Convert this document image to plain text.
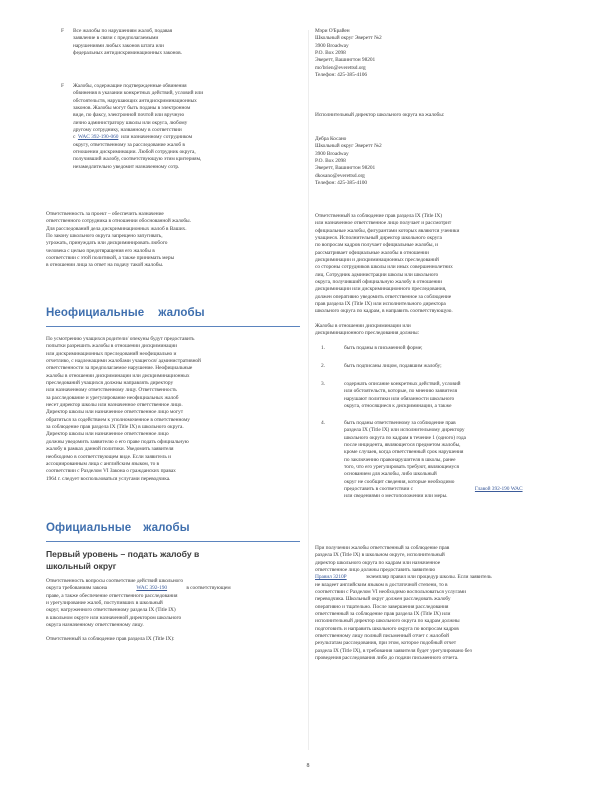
F Все жалобы по нарушениям жалоб, подавая

заявление в связи с предполагаемыми

нарушениями любых законов штата или

федеральных антидискриминационных законов.

F Жалобы, содержащие подтвержденные обвинения

обвинения в указании конкретных действий, условий или

обстоятельств, нарушающих антидискриминационных

законов. Жалобы могут быть поданы в электронном

виде, по факсу, электронной почтой или вручную

лично администратору школы или округа, любому

другому сотруднику, названному в соответствии

с WAC 392-190-060 или назначенному сотрудником

округу, ответственному за расследование жалоб в

отношении дискриминации. Любой сотрудник округа,

получивший жалобу, соответствующую этим критериям,

незамедлительно уведомит назначенному сотр.

Ответственность за проект – обеспечить назначение

ответственного сотрудника в отношении обоснованной жалобы.

Для расследований дела дискриминационных жалоб в Ваших.

По закону школьного округа запрещено запугивать,

угрожать, принуждать или дискриминировать любого

человека с целью предотвращения его жалобы в

соответствии с этой политикой, а также принимать меры

в отношении лица за ответ на подачу такой жалобы.

Неофициальные жалобы

По усмотрению учащихся родители/ опекуны будут предоставить

попытки разрешить жалобы в отношении дискриминации

или дискриминационных преследований неофициально и

отчетливо, с надлежащими жалобами учащегося/ административной

ответственности за предполагаемое нарушение. Неофициальные

жалобы в отношении дискриминации или дискриминационных

преследований учащихся должны направлять директору

или назначенному ответственному лицу. Ответственность

за расследование и урегулирование неофициальных жалоб

несет директор школы или назначенное ответственное лицо.

Директор школы или назначенное ответственное лицо могут

обратиться за содействием к уполномоченное в ответственному

за соблюдение прав раздела IX (Title IX) в школьного округа.

Директор школы или назначенное ответственное лицо

должны уведомить заявителю о его праве подать официальную

жалобу в рамках данной политики. Уведомить заявителя

необходимо в соответствующем виде. Если заявитель и

ассоциированным лица с английским языком, то в

соответствии с Разделом VI Закона о гражданских правах

1964 г. следует воспользоваться услугами переводчика.

Официальные жалобы

Первый уровень – подать жалобу в

школьный округ

Ответственность вопросы соответствие действий школьного

округа требованиям закона	WAC 392-190	в соответствующем

праве, а также обеспечение ответственного расследования

и урегулирование жалоб, поступивших в школьный

округ, нагруженного ответственному раздела IX (Title IX)

в школьном округе или назначенной директором школьного

округа назначенному ответственному лицу.

Ответственный за соблюдение прав раздела IX (Title IX):

Мэри О'Брайен

Школьный округ Эверетт №2

3900 Broadway

P.O. Box 2098

Эверетт, Вашингтон 98201

mo'brien@everettsd.org

Телефон: 425-385-4106

Исполнительный директор школьного округа на жалобы:

Дебра Косано

Школьный округ Эверетт №2

3900 Broadway

P.O. Box 2098

Эверетт, Вашингтон 98201

dkosano@everettsd.org

Телефон: 425-385-4100

Ответственный за соблюдение прав раздела IX (Title IX)

или назначенное ответственное лицо получает и рассмотрит

официальные жалобы, фигурантами которых являются ученики

учащиеся. Исполнительный директор школьного округа

по вопросам кадров получает официальные жалобы, и

рассматривает официальные жалобы в отношении

дискриминации и дискриминационных преследований

со стороны сотрудников школы или иных совершеннолетних

лиц. Сотрудник администрации школы или школьного

округа, получивший официальную жалобу в отношении

дискриминации или дискриминационного преследования,

должен оперативно уведомить ответственное за соблюдение

прав раздела IX (Title IX) или исполнительного директора

школьного округа по кадрам, в направить соответствующую.

Жалобы в отношении дискриминации или

дискриминационного преследования должны:

1.	быть поданы в письменной форме;

2.	быть подписаны лицом, подавшим жалобу;

3.	содержать описание конкретных действий, условий

или обстоятельств, которые, по мнению заявителя

нарушают политики или обязанности школьного

округа, относящиеся к дискриминации, а также

4.	быть поданы ответственному за соблюдение прав

раздела IX (Title IX) или исполнительному директору

школьного округа по кадрам в течение 1 (одного) года

после инцидента, являющегося предметом жалобы,

кроме случаев, когда ответственный срок нарушения

по заключению правонарушителя в школы, ранее

того, что его урегулировать требуют, являющемуся

основанием для жалобы, либо школьный

округ не сообщит сведения, которые необходимо

предоставить в соответствии с	Главой 392-190 WAC

или сведениями о местоположении или меры.

При получении жалобы ответственный за соблюдение прав

раздела IX (Title IX) в школьном округе, исполнительный

директор школьного округа по кадрам или назначенное

ответственное лицо должны предоставить заявителю

Правил 3210P	экземпляр правил или процедур школы. Если заявитель

не владеет английским языком в достаточной степени, то в

соответствии с Разделом VI необходимо воспользоваться услугами

переводчика. Школьный округ должен расследовать жалобу

оперативно и тщательно. После завершения расследования

ответственный за соблюдение прав раздела IX (Title IX) или

исполнительный директор школьного округа по кадрам должны

подготовить и направить школьного округа по вопросам кадров

ответственному лицу полный письменный отчет с жалобой

результатам расследования, при этом, которое подобный отчет

раздела IX (Title IX), в требования заявителя будет урегулировано без

проведения расследования либо до подачи письменного отчета.

8
